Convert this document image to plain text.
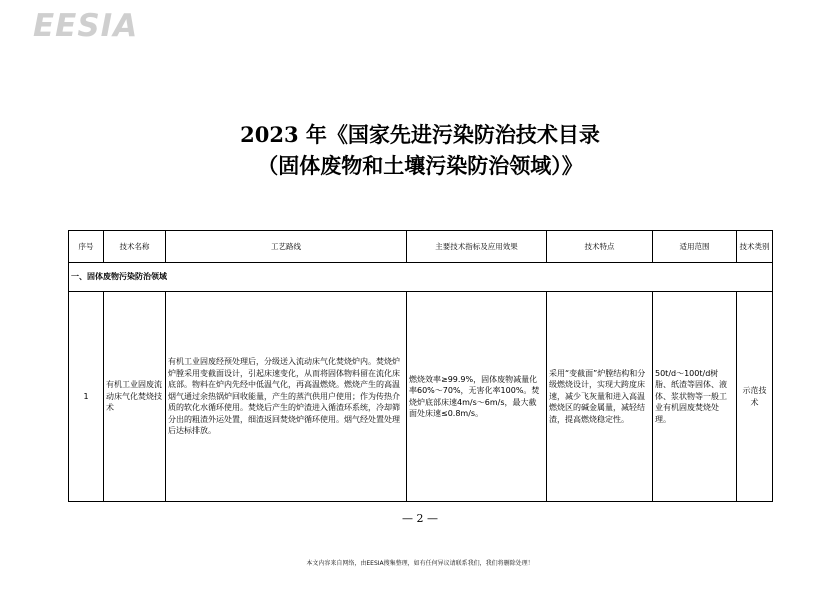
EESIA
2023 年《国家先进污染防治技术目录
（固体废物和土壤污染防治领域）》
序号	技术名称	工艺路线	主要技术指标及应用效果	技术特点	适用范围	技术类别
一、固体废物污染防治领域						
1	有机工业固废流动床气化焚烧技术	有机工业固废经预处理后，分级送入流动床气化焚烧炉内。焚烧炉炉膛采用变截面设计，引起床速变化，从而将固体物料留在流化床底部。物料在炉内先经中低温气化，再高温燃烧。燃烧产生的高温烟气通过余热锅炉回收能量，产生的蒸汽供用户使用；作为传热介质的软化水循环使用。焚烧后产生的炉渣进入循渣环系统，冷却筛分出的粗渣外运处置，细渣返回焚烧炉循环使用。烟气经处置处理后达标排放。	燃烧效率≥99.9%，固体废物减量化率60%～70%，无害化率100%。焚烧炉底部床速4m/s～6m/s，最大截面处床速≤0.8m/s。	采用“变截面”炉膛结构和分级燃烧设计，实现大跨度床速，减少飞灰量和进入高温燃烧区的碱金属量，减轻结渣，提高燃烧稳定性。	50t/d～100t/d树脂、纸渣等固体、液体、浆状物等一般工业有机固废焚烧处理。	示范技术
— 2 —
本文内容来自网络，由EESIA搜集整理，如有任何异议请联系我们，我们将删除处理！
